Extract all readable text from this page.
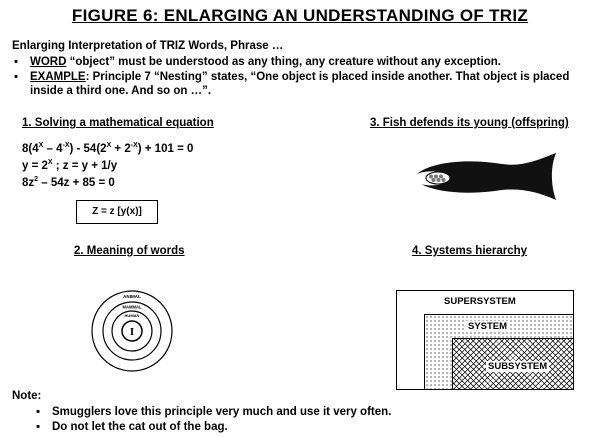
FIGURE 6: ENLARGING AN UNDERSTANDING OF TRIZ
Enlarging Interpretation of TRIZ Words, Phrase …
▪ WORD “object” must be understood as any thing, any creature without any exception.
▪ EXAMPLE: Principle 7 “Nesting” states, “One object is placed inside another. That object is placed inside a third one. And so on …”.
1. Solving a mathematical equation
$8(4^X - 4^{-X}) - 54(2^X + 2^{-X}) + 101 = 0$
$y = 2^X$ ; z = y + 1/y
$8z^2 - 54z + 85 = 0$
Z = z [y(x)]
3. Fish defends its young (offspring)
2. Meaning of words
ANIMAL
MAMMAL
HUMAN
I
4. Systems hierarchy
SUPERSYSTEM
SYSTEM
SUBSYSTEM
Note:
▪ Smugglers love this principle very much and use it very often.
▪ Do not let the cat out of the bag.
